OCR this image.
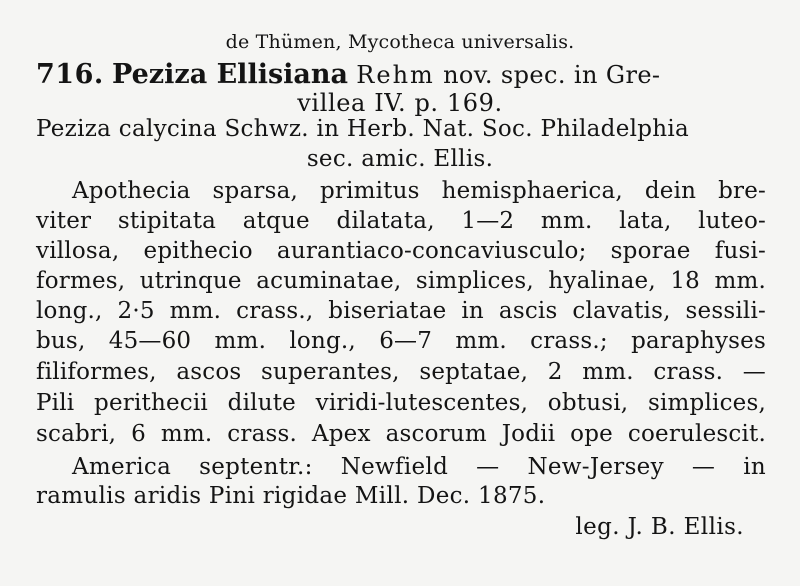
de Thümen, Mycotheca universalis.
716. Peziza Ellisiana Rehm nov. spec. in Gre-
villea IV. p. 169.
Peziza calycina Schwz. in Herb. Nat. Soc. Philadelphia
sec. amic. Ellis.
Apothecia sparsa, primitus hemisphaerica, dein bre-
viter stipitata atque dilatata, 1—2 mm. lata, luteo-
villosa, epithecio aurantiaco-concaviusculo; sporae fusi-
formes, utrinque acuminatae, simplices, hyalinae, 18 mm.
long., 2·5 mm. crass., biseriatae in ascis clavatis, sessili-
bus, 45—60 mm. long., 6—7 mm. crass.; paraphyses
filiformes, ascos superantes, septatae, 2 mm. crass. —
Pili perithecii dilute viridi-lutescentes, obtusi, simplices,
scabri, 6 mm. crass. Apex ascorum Jodii ope coerulescit.
America septentr.: Newfield — New-Jersey — in
ramulis aridis Pini rigidae Mill. Dec. 1875.
leg. J. B. Ellis.
